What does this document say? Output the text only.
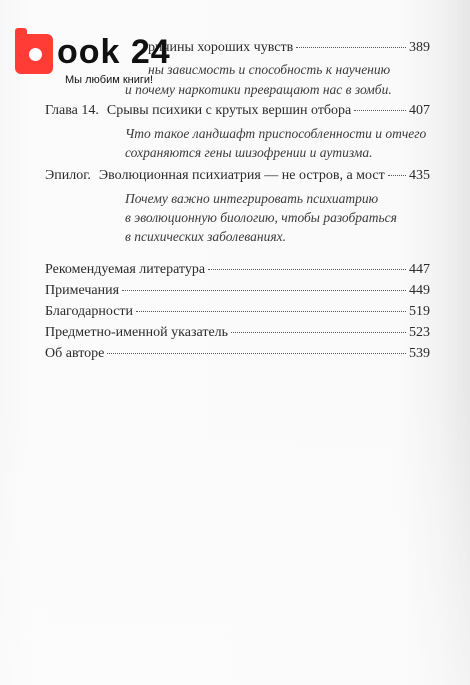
ричины хороших чувств	389
ны зависмость и способность к научению
и почему наркотики превращают нас в зомби.
ook 24
Мы любим книги!
Глава 14. Срывы психики с крутых вершин отбора	407
Что такое ландшафт приспособленности и отчего
сохраняются гены шизофрении и аутизма.
Эпилог. Эволюционная психиатрия — не остров, а мост 435
Почему важно интегрировать психиатрию
в эволюционную биологию, чтобы разобраться
в психических заболеваниях.
Рекомендуемая литература	447
Примечания	449
Благодарности	519
Предметно-именной указатель	523
Об авторе	539
